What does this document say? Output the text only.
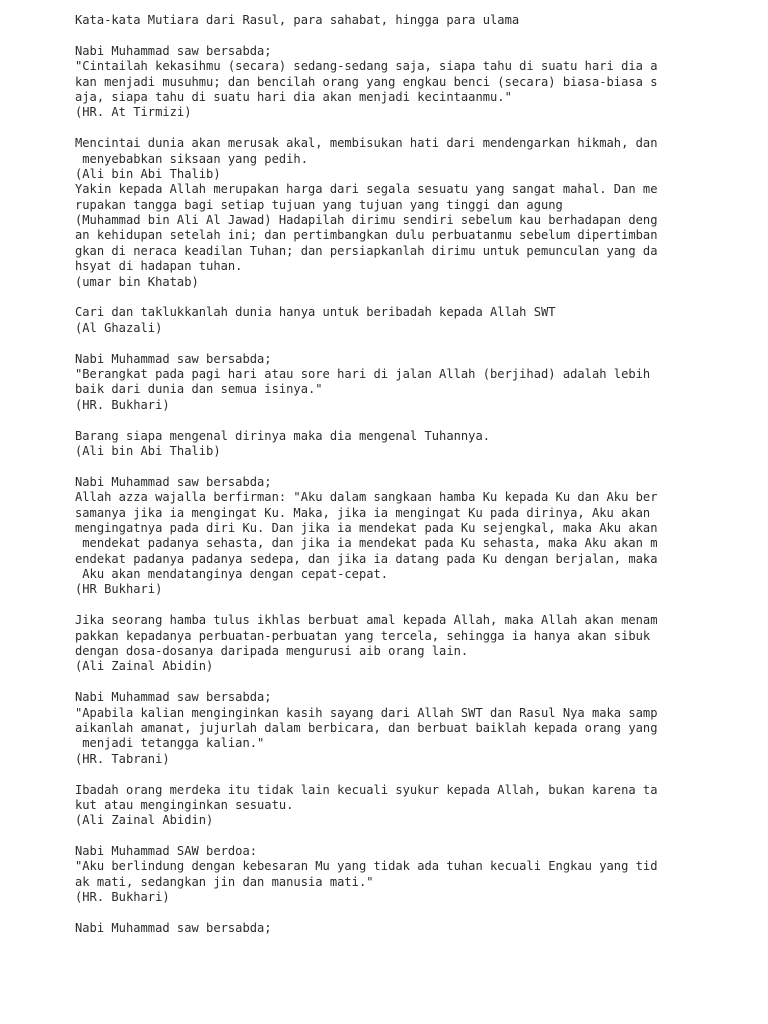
Kata-kata Mutiara dari Rasul, para sahabat, hingga para ulama
Nabi Muhammad saw bersabda;
"Cintailah kekasihmu (secara) sedang-sedang saja, siapa tahu di suatu hari dia a
kan menjadi musuhmu; dan bencilah orang yang engkau benci (secara) biasa-biasa s
aja, siapa tahu di suatu hari dia akan menjadi kecintaanmu."
(HR. At Tirmizi)
Mencintai dunia akan merusak akal, membisukan hati dari mendengarkan hikmah, dan
menyebabkan siksaan yang pedih.
(Ali bin Abi Thalib)
Yakin kepada Allah merupakan harga dari segala sesuatu yang sangat mahal. Dan me
rupakan tangga bagi setiap tujuan yang tujuan yang tinggi dan agung
(Muhammad bin Ali Al Jawad) Hadapilah dirimu sendiri sebelum kau berhadapan deng
an kehidupan setelah ini; dan pertimbangkan dulu perbuatanmu sebelum dipertimban
gkan di neraca keadilan Tuhan; dan persiapkanlah dirimu untuk pemunculan yang da
hsyat di hadapan tuhan.
(umar bin Khatab)
Cari dan taklukkanlah dunia hanya untuk beribadah kepada Allah SWT
(Al Ghazali)
Nabi Muhammad saw bersabda;
"Berangkat pada pagi hari atau sore hari di jalan Allah (berjihad) adalah lebih
baik dari dunia dan semua isinya."
(HR. Bukhari)
Barang siapa mengenal dirinya maka dia mengenal Tuhannya.
(Ali bin Abi Thalib)
Nabi Muhammad saw bersabda;
Allah azza wajalla berfirman: "Aku dalam sangkaan hamba Ku kepada Ku dan Aku ber
samanya jika ia mengingat Ku. Maka, jika ia mengingat Ku pada dirinya, Aku akan
mengingatnya pada diri Ku. Dan jika ia mendekat pada Ku sejengkal, maka Aku akan
mendekat padanya sehasta, dan jika ia mendekat pada Ku sehasta, maka Aku akan m
endekat padanya padanya sedepa, dan jika ia datang pada Ku dengan berjalan, maka
Aku akan mendatanginya dengan cepat-cepat.
(HR Bukhari)
Jika seorang hamba tulus ikhlas berbuat amal kepada Allah, maka Allah akan menam
pakkan kepadanya perbuatan-perbuatan yang tercela, sehingga ia hanya akan sibuk
dengan dosa-dosanya daripada mengurusi aib orang lain.
(Ali Zainal Abidin)
Nabi Muhammad saw bersabda;
"Apabila kalian menginginkan kasih sayang dari Allah SWT dan Rasul Nya maka samp
aikanlah amanat, jujurlah dalam berbicara, dan berbuat baiklah kepada orang yang
menjadi tetangga kalian."
(HR. Tabrani)
Ibadah orang merdeka itu tidak lain kecuali syukur kepada Allah, bukan karena ta
kut atau menginginkan sesuatu.
(Ali Zainal Abidin)
Nabi Muhammad SAW berdoa:
"Aku berlindung dengan kebesaran Mu yang tidak ada tuhan kecuali Engkau yang tid
ak mati, sedangkan jin dan manusia mati."
(HR. Bukhari)
Nabi Muhammad saw bersabda;
